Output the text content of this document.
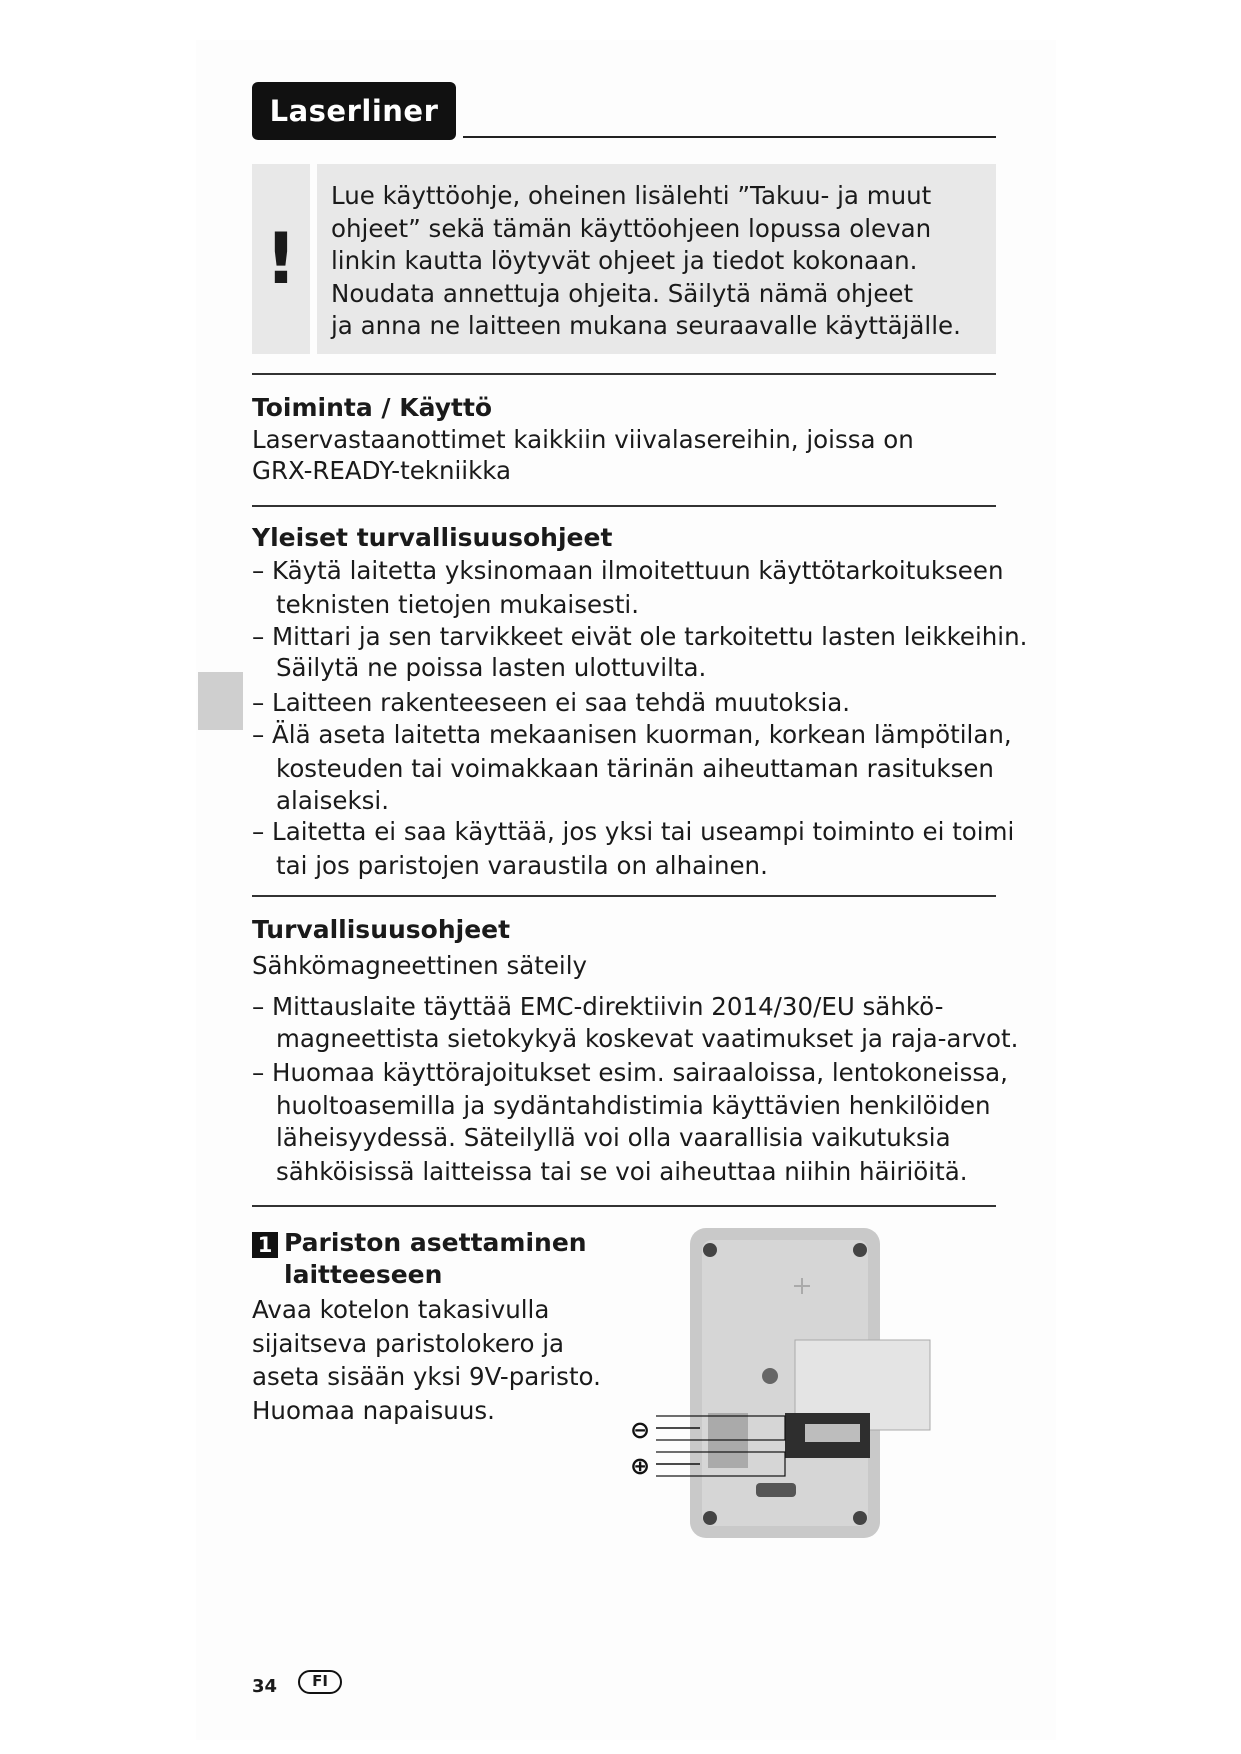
Laserliner
!
Lue käyttöohje, oheinen lisälehti ”Takuu- ja muut
ohjeet” sekä tämän käyttöohjeen lopussa olevan
linkin kautta löytyvät ohjeet ja tiedot kokonaan.
Noudata annettuja ohjeita. Säilytä nämä ohjeet
ja anna ne laitteen mukana seuraavalle käyttäjälle.
Toiminta / Käyttö
Laservastaanottimet kaikkiin viivalasereihin, joissa on
GRX-READY-tekniikka
Yleiset turvallisuusohjeet
– Käytä laitetta yksinomaan ilmoitettuun käyttötarkoitukseen
teknisten tietojen mukaisesti.
– Mittari ja sen tarvikkeet eivät ole tarkoitettu lasten leikkeihin.
Säilytä ne poissa lasten ulottuvilta.
– Laitteen rakenteeseen ei saa tehdä muutoksia.
– Älä aseta laitetta mekaanisen kuorman, korkean lämpötilan,
kosteuden tai voimakkaan tärinän aiheuttaman rasituksen
alaiseksi.
– Laitetta ei saa käyttää, jos yksi tai useampi toiminto ei toimi
tai jos paristojen varaustila on alhainen.
Turvallisuusohjeet
Sähkömagneettinen säteily
– Mittauslaite täyttää EMC-direktiivin 2014/30/EU sähkö-
magneettista sietokykyä koskevat vaatimukset ja raja-arvot.
– Huomaa käyttörajoitukset esim. sairaaloissa, lentokoneissa,
huoltoasemilla ja sydäntahdistimia käyttävien henkilöiden
läheisyydessä. Säteilyllä voi olla vaarallisia vaikutuksia
sähköisissä laitteissa tai se voi aiheuttaa niihin häiriöitä.
1 Pariston asettaminen
laitteeseen
Avaa kotelon takasivulla
sijaitseva paristolokero ja
aseta sisään yksi 9V-paristo.
Huomaa napaisuus.
⊖
⊕
34	FI
